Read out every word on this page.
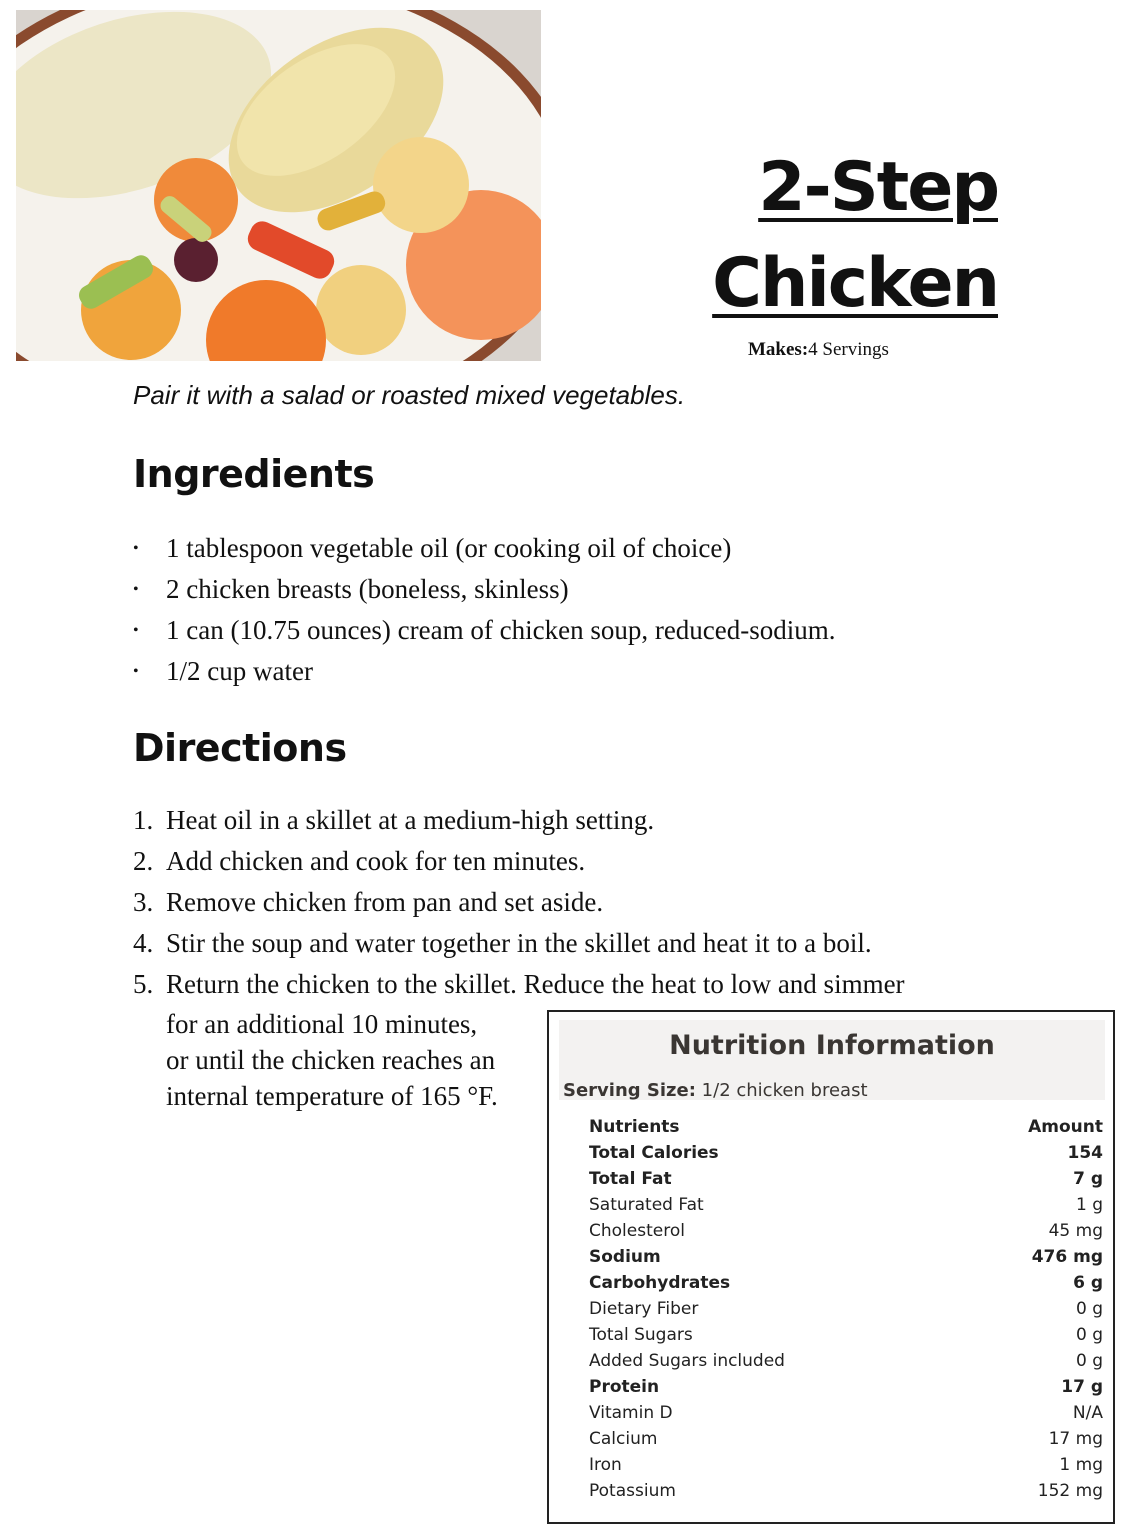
2-Step
Chicken
Makes:4 Servings
Pair it with a salad or roasted mixed vegetables.
Ingredients
• 1 tablespoon vegetable oil (or cooking oil of choice)
• 2 chicken breasts (boneless, skinless)
• 1 can (10.75 ounces) cream of chicken soup, reduced-sodium.
• 1/2 cup water
Directions
1. Heat oil in a skillet at a medium-high setting.
2. Add chicken and cook for ten minutes.
3. Remove chicken from pan and set aside.
4. Stir the soup and water together in the skillet and heat it to a boil.
5. Return the chicken to the skillet. Reduce the heat to low and simmer
for an additional 10 minutes,
or until the chicken reaches an
internal temperature of 165 °F.
Nutrition Information
Serving Size: 1/2 chicken breast
Nutrients	Amount
Total Calories	154
Total Fat	7 g
Saturated Fat	1 g
Cholesterol	45 mg
Sodium	476 mg
Carbohydrates	6 g
Dietary Fiber	0 g
Total Sugars	0 g
Added Sugars included	0 g
Protein	17 g
Vitamin D	N/A
Calcium	17 mg
Iron	1 mg
Potassium	152 mg
